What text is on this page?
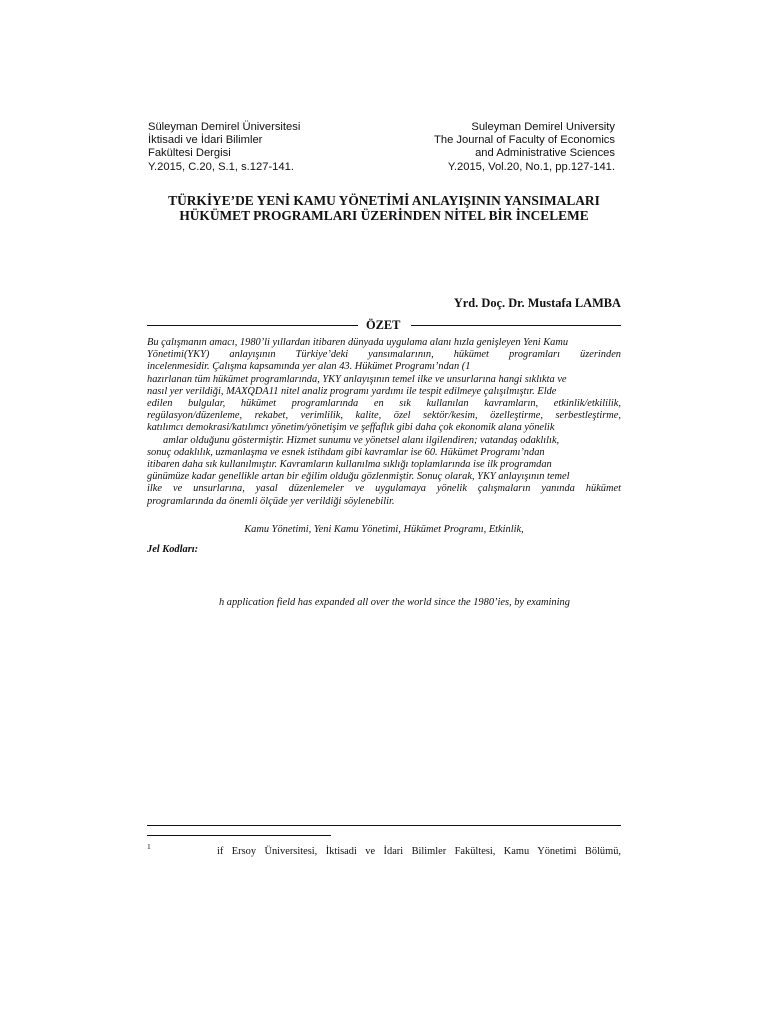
Süleyman Demirel Üniversitesi
İktisadi ve İdari Bilimler
Fakültesi Dergisi
Y.2015, C.20, S.1, s.127-141.
Suleyman Demirel University
The Journal of Faculty of Economics
and Administrative Sciences
Y.2015, Vol.20, No.1, pp.127-141.
TÜRKİYE’DE YENİ KAMU YÖNETİMİ ANLAYIŞININ YANSIMALARI
HÜKÜMET PROGRAMLARI ÜZERİNDEN NİTEL BİR İNCELEME
Yrd. Doç. Dr. Mustafa LAMBA
ÖZET
Bu çalışmanın amacı, 1980’li yıllardan itibaren dünyada uygulama alanı hızla genişleyen Yeni Kamu
Yönetimi(YKY) anlayışının Türkiye’deki yansımalarının, hükümet programları üzerinden
incelenmesidir. Çalışma kapsamında yer alan 43. Hükümet Programı’ndan (1
hazırlanan tüm hükümet programlarında, YKY anlayışının temel ilke ve unsurlarına hangi sıklıkta ve
nasıl yer verildiği, MAXQDA11 nitel analiz programı yardımı ile tespit edilmeye çalışılmıştır. Elde
edilen bulgular, hükümet programlarında en sık kullanılan kavramların, etkinlik/etkililik,
regülasyon/düzenleme, rekabet, verimlilik, kalite, özel sektör/kesim, özelleştirme, serbestleştirme,
katılımcı demokrasi/katılımcı yönetim/yönetişim ve şeffaflık gibi daha çok ekonomik alana yönelik
amlar olduğunu göstermiştir. Hizmet sunumu ve yönetsel alanı ilgilendiren; vatandaş odaklılık,
sonuç odaklılık, uzmanlaşma ve esnek istihdam gibi kavramlar ise 60. Hükümet Programı’ndan
itibaren daha sık kullanılmıştır. Kavramların kullanılma sıklığı toplamlarında ise ilk programdan
günümüze kadar genellikle artan bir eğilim olduğu gözlenmiştir. Sonuç olarak, YKY anlayışının temel
ilke ve unsurlarına, yasal düzenlemeler ve uygulamaya yönelik çalışmaların yanında hükümet
programlarında da önemli ölçüde yer verildiği söylenebilir.
Kamu Yönetimi, Yeni Kamu Yönetimi, Hükümet Programı, Etkinlik,
Jel Kodları:
h application field has expanded all over the world since the 1980’ies, by examining
1	if Ersoy Üniversitesi, İktisadi ve İdari Bilimler Fakültesi, Kamu Yönetimi Bölümü,
